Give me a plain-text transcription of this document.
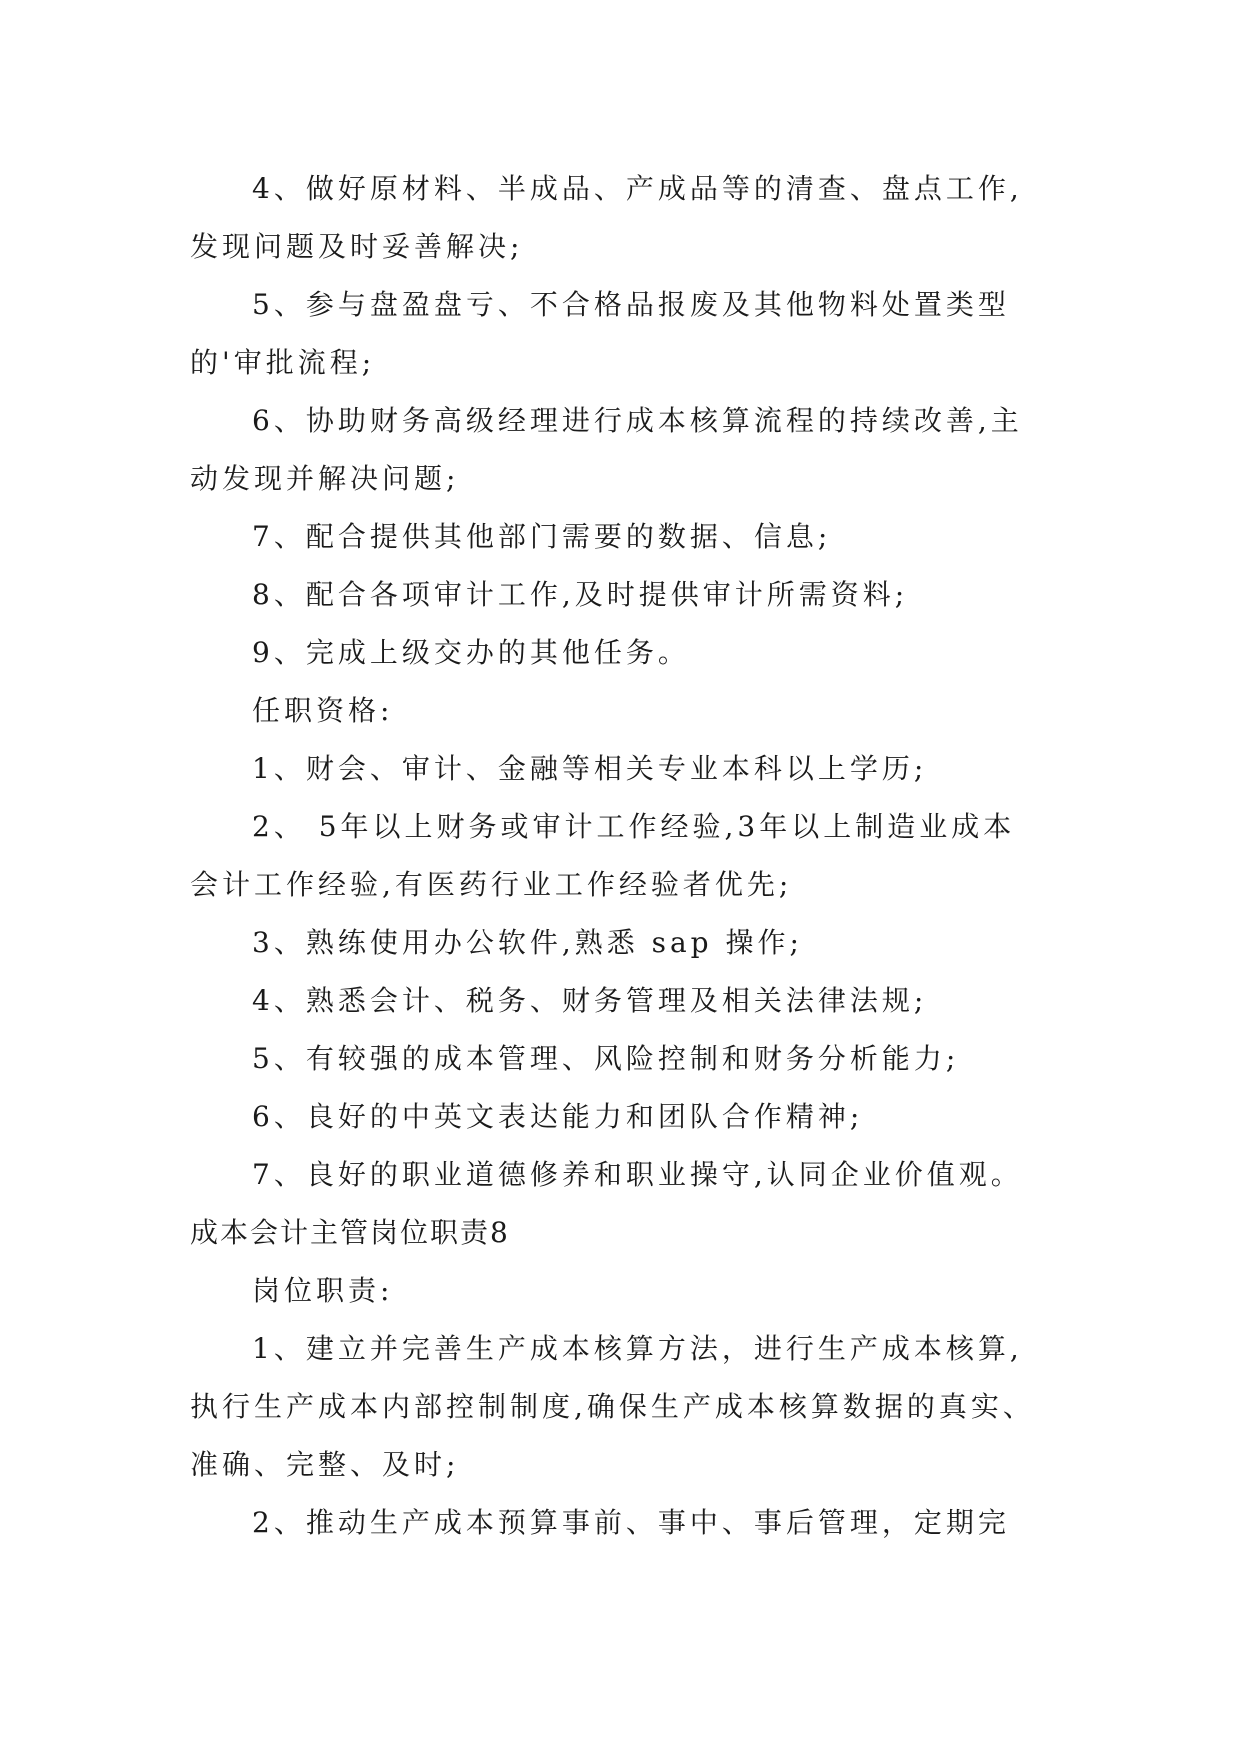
4、做好原材料、半成品、产成品等的清查、盘点工作,
发现问题及时妥善解决;
5、参与盘盈盘亏、不合格品报废及其他物料处置类型
的'审批流程;
6、协助财务高级经理进行成本核算流程的持续改善,主
动发现并解决问题;
7、配合提供其他部门需要的数据、信息;
8、配合各项审计工作,及时提供审计所需资料;
9、完成上级交办的其他任务。
任职资格:
1、财会、审计、金融等相关专业本科以上学历;
2、 5年以上财务或审计工作经验,3年以上制造业成本
会计工作经验,有医药行业工作经验者优先;
3、熟练使用办公软件,熟悉 sap 操作;
4、熟悉会计、税务、财务管理及相关法律法规;
5、有较强的成本管理、风险控制和财务分析能力;
6、良好的中英文表达能力和团队合作精神;
7、良好的职业道德修养和职业操守,认同企业价值观。
成本会计主管岗位职责8
岗位职责:
1、建立并完善生产成本核算方法，进行生产成本核算,
执行生产成本内部控制制度,确保生产成本核算数据的真实、
准确、完整、及时;
2、推动生产成本预算事前、事中、事后管理，定期完
